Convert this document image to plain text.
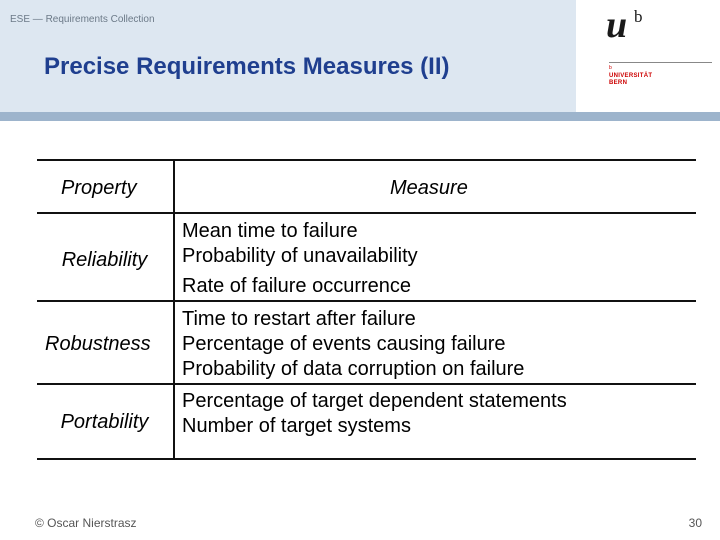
ESE — Requirements Collection
Precise Requirements Measures (II)
u b
b
UNIVERSITÄT
BERN
Property	Measure
Reliability
Mean time to failure
Probability of unavailability
Rate of failure occurrence
Robustness
Time to restart after failure
Percentage of events causing failure
Probability of data corruption on failure
Portability
Percentage of target dependent statements
Number of target systems
© Oscar Nierstrasz	30
